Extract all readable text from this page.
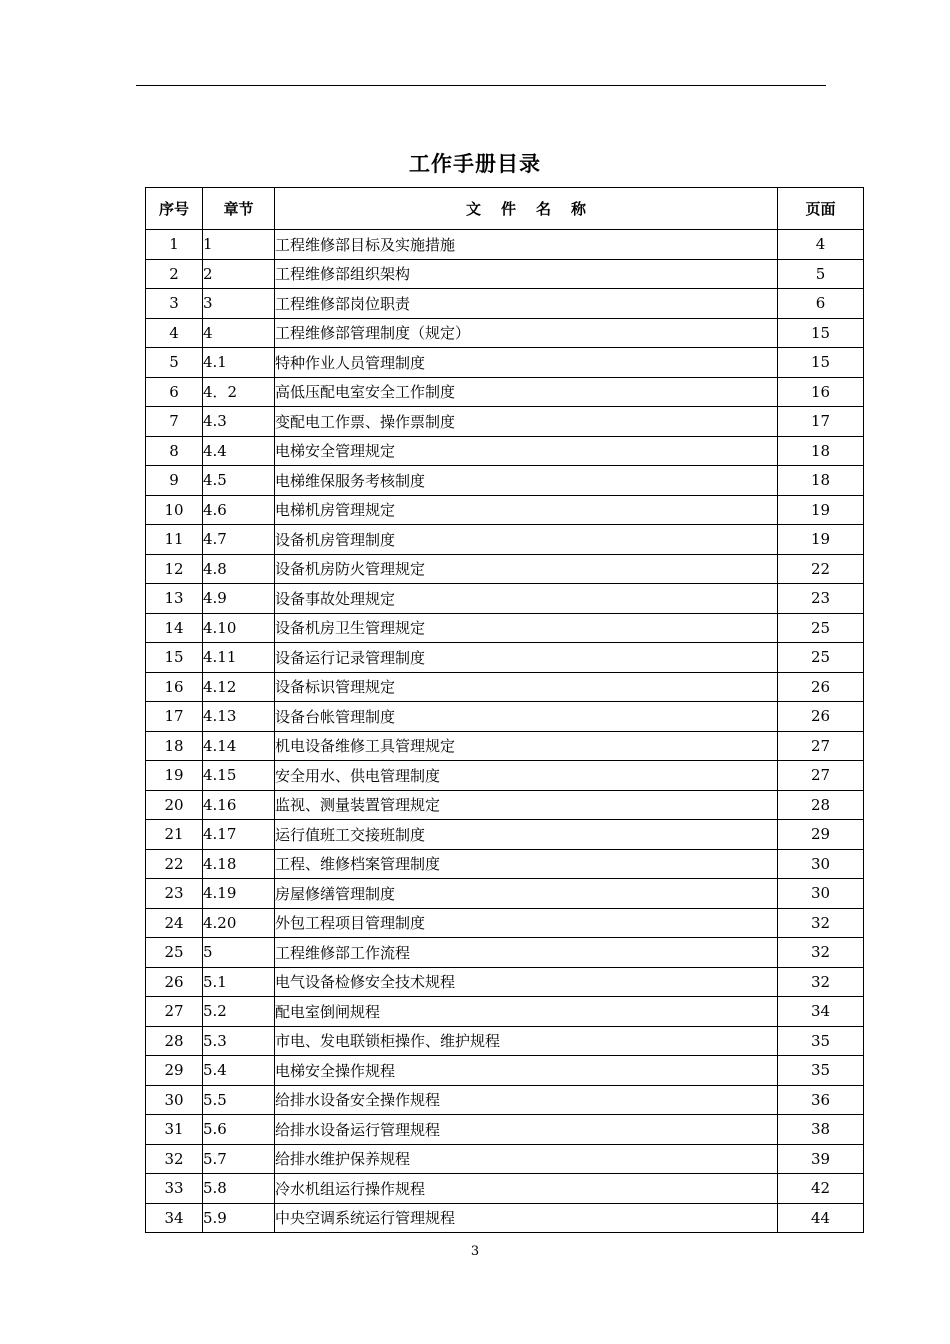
工作手册目录
序号	章节	文件名称	页面
1	1	工程维修部目标及实施措施	4
2	2	工程维修部组织架构	5
3	3	工程维修部岗位职责	6
4	4	工程维修部管理制度（规定）	15
5	4.1	特种作业人员管理制度	15
6	4．2	高低压配电室安全工作制度	16
7	4.3	变配电工作票、操作票制度	17
8	4.4	电梯安全管理规定	18
9	4.5	电梯维保服务考核制度	18
10	4.6	电梯机房管理规定	19
11	4.7	设备机房管理制度	19
12	4.8	设备机房防火管理规定	22
13	4.9	设备事故处理规定	23
14	4.10	设备机房卫生管理规定	25
15	4.11	设备运行记录管理制度	25
16	4.12	设备标识管理规定	26
17	4.13	设备台帐管理制度	26
18	4.14	机电设备维修工具管理规定	27
19	4.15	安全用水、供电管理制度	27
20	4.16	监视、测量装置管理规定	28
21	4.17	运行值班工交接班制度	29
22	4.18	工程、维修档案管理制度	30
23	4.19	房屋修缮管理制度	30
24	4.20	外包工程项目管理制度	32
25	5	工程维修部工作流程	32
26	5.1	电气设备检修安全技术规程	32
27	5.2	配电室倒闸规程	34
28	5.3	市电、发电联锁柜操作、维护规程	35
29	5.4	电梯安全操作规程	35
30	5.5	给排水设备安全操作规程	36
31	5.6	给排水设备运行管理规程	38
32	5.7	给排水维护保养规程	39
33	5.8	冷水机组运行操作规程	42
34	5.9	中央空调系统运行管理规程	44
3
